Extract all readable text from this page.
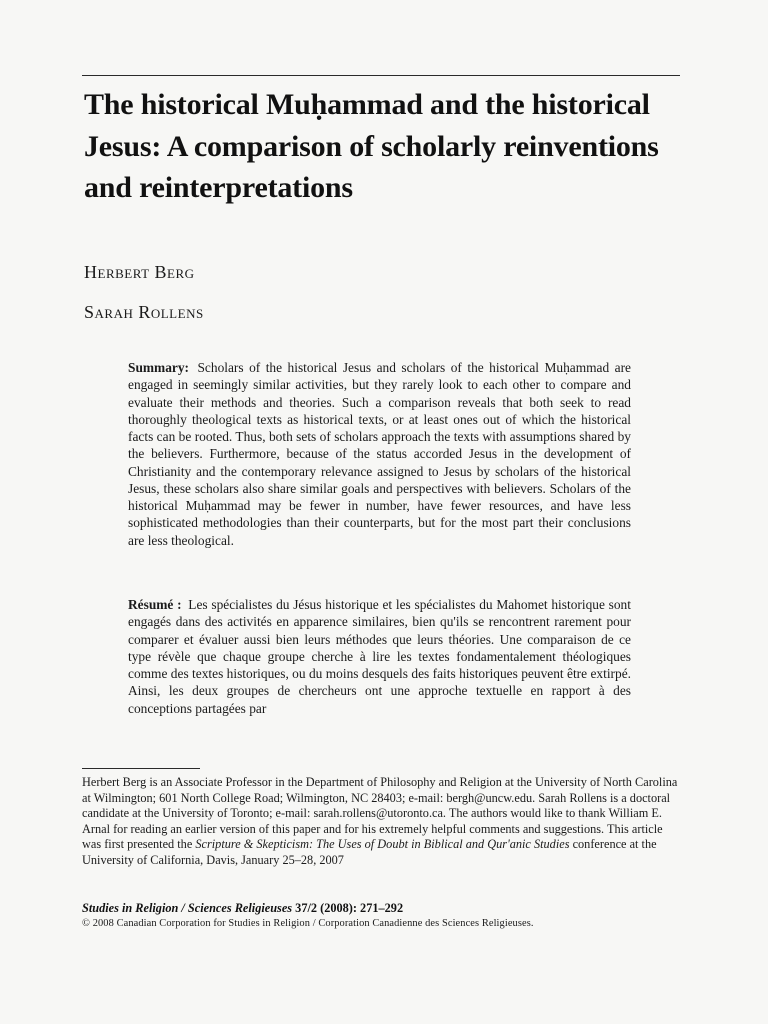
The historical Muḥammad and the historical Jesus: A comparison of scholarly reinventions and reinterpretations
Herbert Berg
Sarah Rollens

Summary: Scholars of the historical Jesus and scholars of the historical Muḥammad are engaged in seemingly similar activities, but they rarely look to each other to compare and evaluate their methods and theories. Such a comparison reveals that both seek to read thoroughly theological texts as historical texts, or at least ones out of which the historical facts can be rooted. Thus, both sets of scholars approach the texts with assumptions shared by the believers. Furthermore, because of the status accorded Jesus in the development of Christianity and the contemporary relevance assigned to Jesus by scholars of the historical Jesus, these scholars also share similar goals and perspectives with believers. Scholars of the historical Muḥammad may be fewer in number, have fewer resources, and have less sophisticated methodologies than their counterparts, but for the most part their conclusions are less theological.

Résumé : Les spécialistes du Jésus historique et les spécialistes du Mahomet historique sont engagés dans des activités en apparence similaires, bien qu'ils se rencontrent rarement pour comparer et évaluer aussi bien leurs méthodes que leurs théories. Une comparaison de ce type révèle que chaque groupe cherche à lire les textes fondamentalement théologiques comme des textes historiques, ou du moins desquels des faits historiques peuvent être extirpé. Ainsi, les deux groupes de chercheurs ont une approche textuelle en rapport à des conceptions partagées par

Herbert Berg is an Associate Professor in the Department of Philosophy and Religion at the University of North Carolina at Wilmington; 601 North College Road; Wilmington, NC 28403; e-mail: bergh@uncw.edu. Sarah Rollens is a doctoral candidate at the University of Toronto; e-mail: sarah.rollens@utoronto.ca. The authors would like to thank William E. Arnal for reading an earlier version of this paper and for his extremely helpful comments and suggestions. This article was first presented the Scripture & Skepticism: The Uses of Doubt in Biblical and Qur'anic Studies conference at the University of California, Davis, January 25–28, 2007

Studies in Religion / Sciences Religieuses 37/2 (2008): 271–292
© 2008 Canadian Corporation for Studies in Religion / Corporation Canadienne des Sciences Religieuses.
